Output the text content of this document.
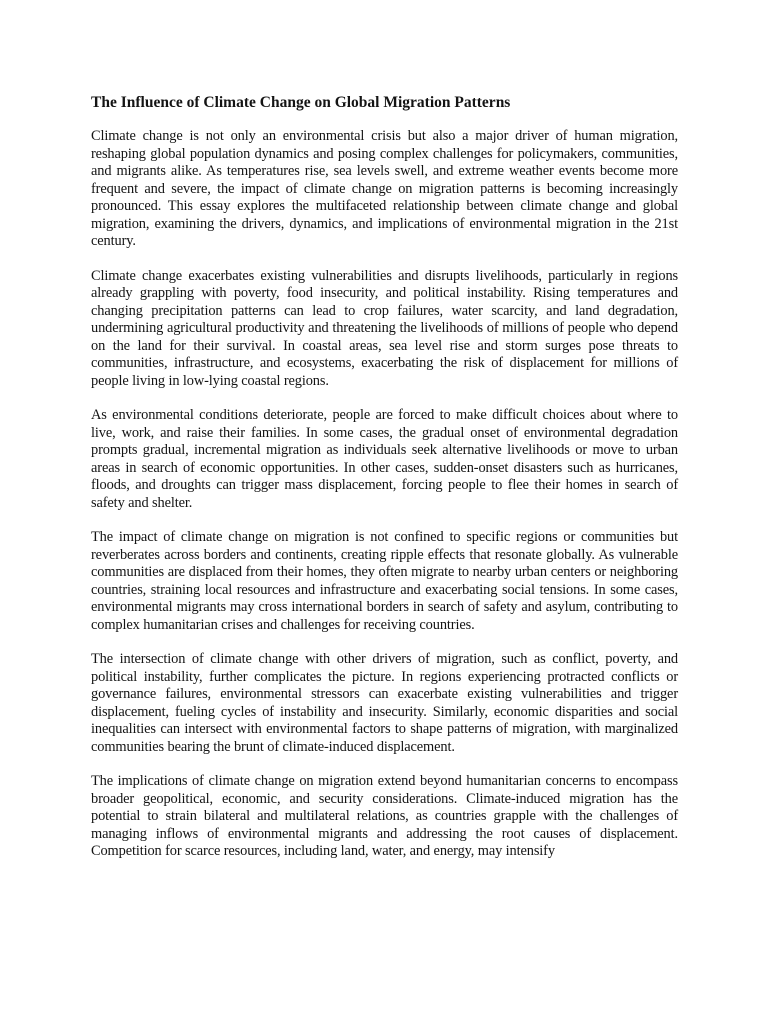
The Influence of Climate Change on Global Migration Patterns

Climate change is not only an environmental crisis but also a major driver of human migration, reshaping global population dynamics and posing complex challenges for policymakers, communities, and migrants alike. As temperatures rise, sea levels swell, and extreme weather events become more frequent and severe, the impact of climate change on migration patterns is becoming increasingly pronounced. This essay explores the multifaceted relationship between climate change and global migration, examining the drivers, dynamics, and implications of environmental migration in the 21st century.

Climate change exacerbates existing vulnerabilities and disrupts livelihoods, particularly in regions already grappling with poverty, food insecurity, and political instability. Rising temperatures and changing precipitation patterns can lead to crop failures, water scarcity, and land degradation, undermining agricultural productivity and threatening the livelihoods of millions of people who depend on the land for their survival. In coastal areas, sea level rise and storm surges pose threats to communities, infrastructure, and ecosystems, exacerbating the risk of displacement for millions of people living in low-lying coastal regions.

As environmental conditions deteriorate, people are forced to make difficult choices about where to live, work, and raise their families. In some cases, the gradual onset of environmental degradation prompts gradual, incremental migration as individuals seek alternative livelihoods or move to urban areas in search of economic opportunities. In other cases, sudden-onset disasters such as hurricanes, floods, and droughts can trigger mass displacement, forcing people to flee their homes in search of safety and shelter.

The impact of climate change on migration is not confined to specific regions or communities but reverberates across borders and continents, creating ripple effects that resonate globally. As vulnerable communities are displaced from their homes, they often migrate to nearby urban centers or neighboring countries, straining local resources and infrastructure and exacerbating social tensions. In some cases, environmental migrants may cross international borders in search of safety and asylum, contributing to complex humanitarian crises and challenges for receiving countries.

The intersection of climate change with other drivers of migration, such as conflict, poverty, and political instability, further complicates the picture. In regions experiencing protracted conflicts or governance failures, environmental stressors can exacerbate existing vulnerabilities and trigger displacement, fueling cycles of instability and insecurity. Similarly, economic disparities and social inequalities can intersect with environmental factors to shape patterns of migration, with marginalized communities bearing the brunt of climate-induced displacement.

The implications of climate change on migration extend beyond humanitarian concerns to encompass broader geopolitical, economic, and security considerations. Climate-induced migration has the potential to strain bilateral and multilateral relations, as countries grapple with the challenges of managing inflows of environmental migrants and addressing the root causes of displacement. Competition for scarce resources, including land, water, and energy, may intensify
